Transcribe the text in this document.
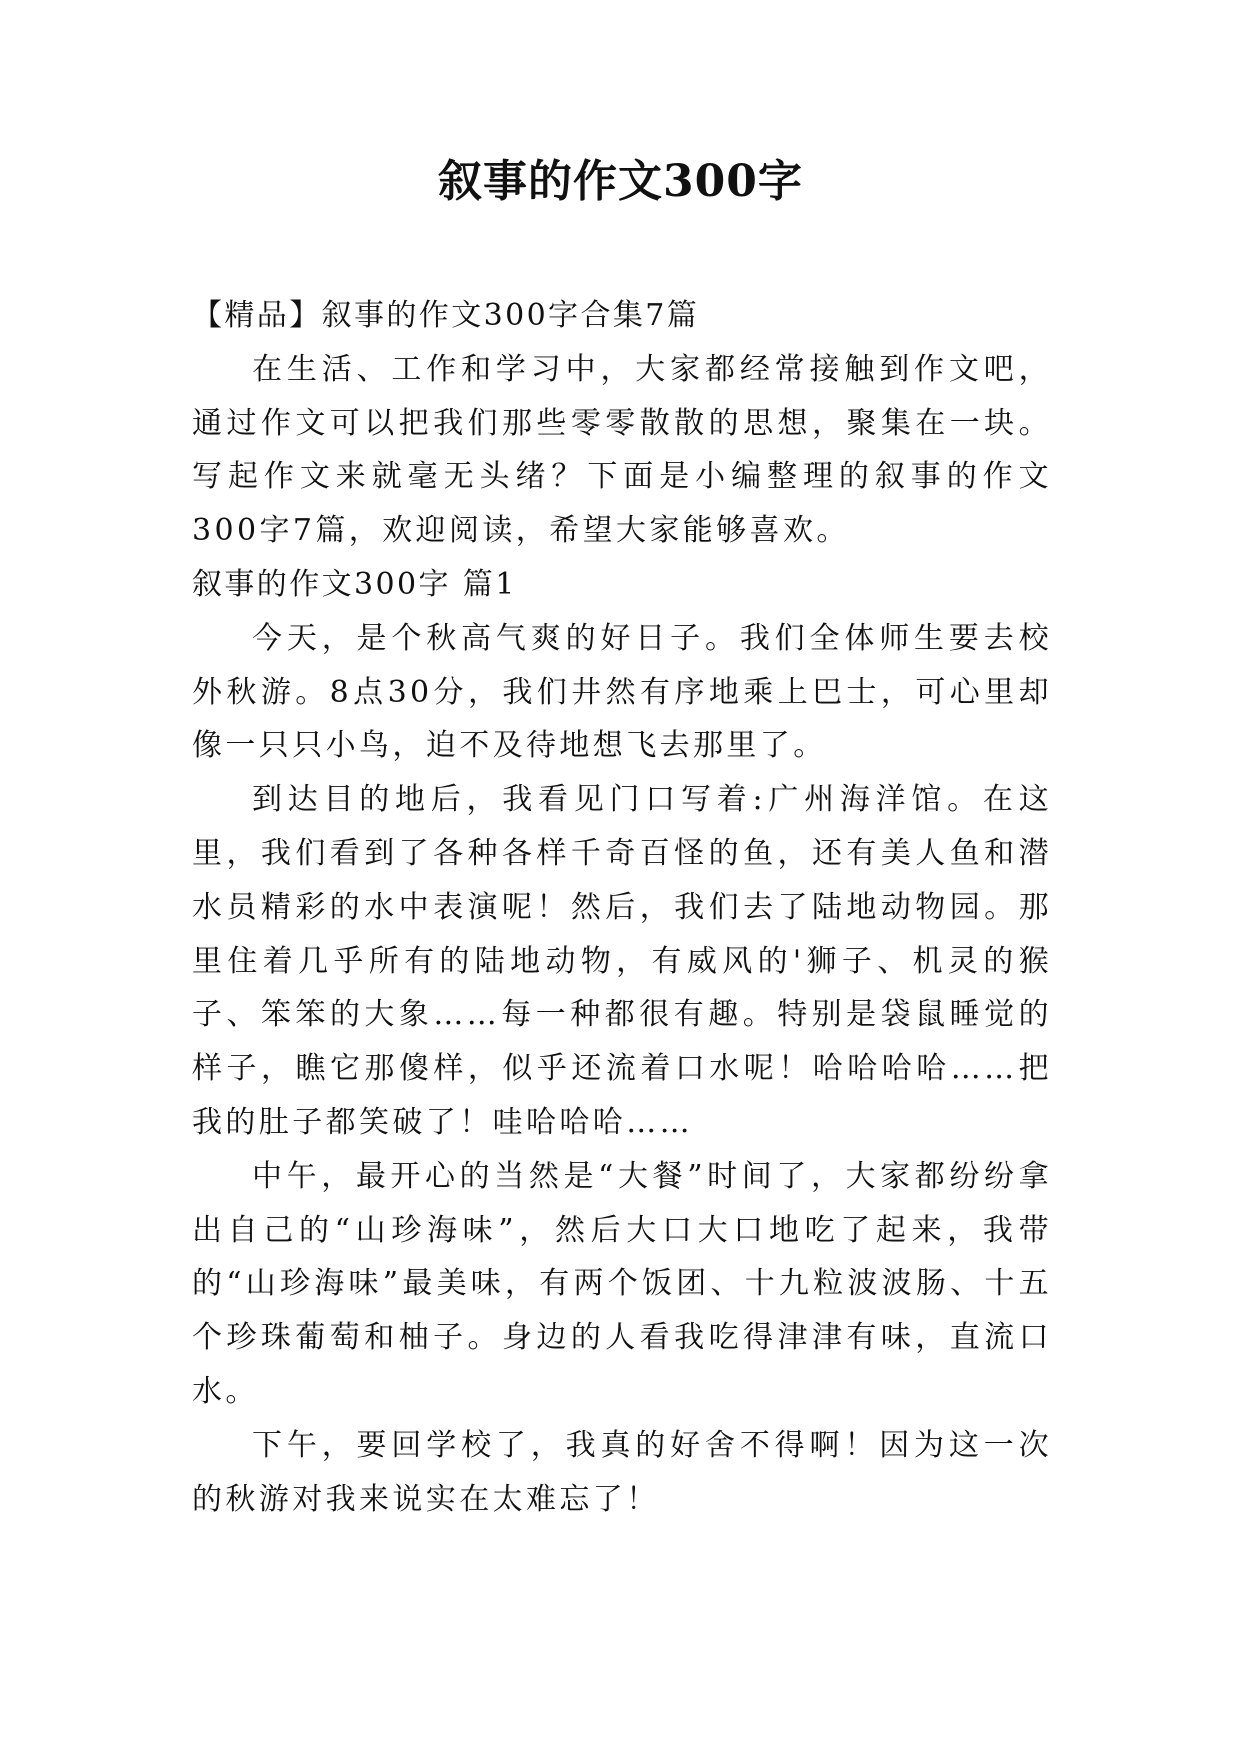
叙事的作文300字

【精品】叙事的作文300字合集7篇

在生活、工作和学习中，大家都经常接触到作文吧，通过作文可以把我们那些零零散散的思想，聚集在一块。写起作文来就毫无头绪？下面是小编整理的叙事的作文300字7篇，欢迎阅读，希望大家能够喜欢。

叙事的作文300字 篇1

今天，是个秋高气爽的好日子。我们全体师生要去校外秋游。8点30分，我们井然有序地乘上巴士，可心里却像一只只小鸟，迫不及待地想飞去那里了。

到达目的地后，我看见门口写着:广州海洋馆。在这里，我们看到了各种各样千奇百怪的鱼，还有美人鱼和潜水员精彩的水中表演呢！然后，我们去了陆地动物园。那里住着几乎所有的陆地动物，有威风的'狮子、机灵的猴子、笨笨的大象……每一种都很有趣。特别是袋鼠睡觉的样子，瞧它那傻样，似乎还流着口水呢！哈哈哈哈……把我的肚子都笑破了！哇哈哈哈……

中午，最开心的当然是“大餐”时间了，大家都纷纷拿出自己的“山珍海味”，然后大口大口地吃了起来，我带的“山珍海味”最美味，有两个饭团、十九粒波波肠、十五个珍珠葡萄和柚子。身边的人看我吃得津津有味，直流口水。

下午，要回学校了，我真的好舍不得啊！因为这一次的秋游对我来说实在太难忘了！
